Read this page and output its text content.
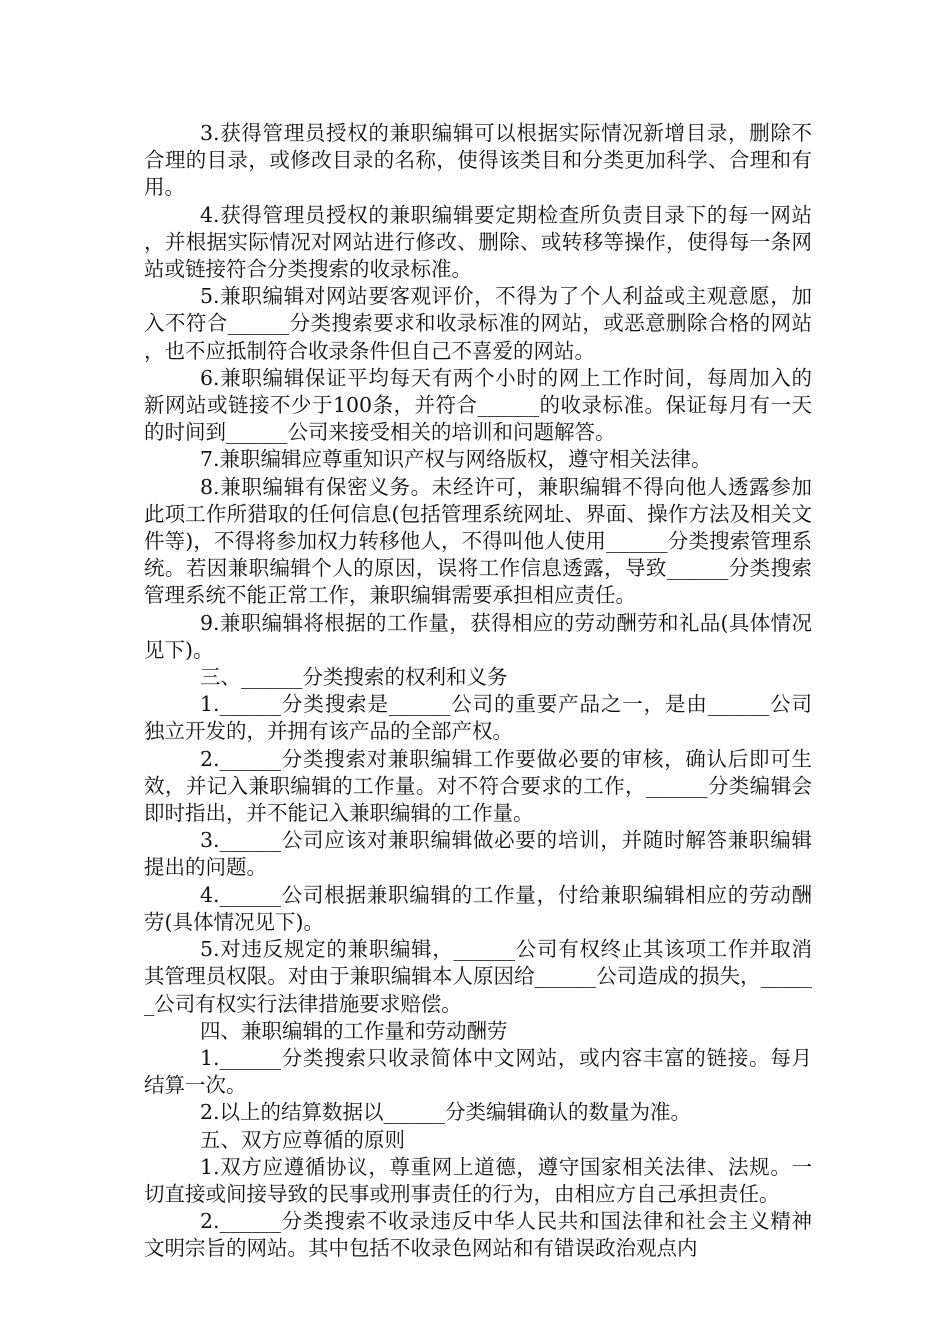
3.获得管理员授权的兼职编辑可以根据实际情况新增目录，删除不合理的目录，或修改目录的名称，使得该类目和分类更加科学、合理和有用。

4.获得管理员授权的兼职编辑要定期检查所负责目录下的每一网站，并根据实际情况对网站进行修改、删除、或转移等操作，使得每一条网站或链接符合分类搜索的收录标准。

5.兼职编辑对网站要客观评价，不得为了个人利益或主观意愿，加入不符合______分类搜索要求和收录标准的网站，或恶意删除合格的网站，也不应抵制符合收录条件但自己不喜爱的网站。

6.兼职编辑保证平均每天有两个小时的网上工作时间，每周加入的新网站或链接不少于100条，并符合______的收录标准。保证每月有一天的时间到______公司来接受相关的培训和问题解答。

7.兼职编辑应尊重知识产权与网络版权，遵守相关法律。

8.兼职编辑有保密义务。未经许可，兼职编辑不得向他人透露参加此项工作所猎取的任何信息(包括管理系统网址、界面、操作方法及相关文件等)，不得将参加权力转移他人，不得叫他人使用______分类搜索管理系统。若因兼职编辑个人的原因，误将工作信息透露，导致______分类搜索管理系统不能正常工作，兼职编辑需要承担相应责任。

9.兼职编辑将根据的工作量，获得相应的劳动酬劳和礼品(具体情况见下)。

三、______分类搜索的权利和义务

1.______分类搜索是______公司的重要产品之一，是由______公司独立开发的，并拥有该产品的全部产权。

2.______分类搜索对兼职编辑工作要做必要的审核，确认后即可生效，并记入兼职编辑的工作量。对不符合要求的工作，______分类编辑会即时指出，并不能记入兼职编辑的工作量。

3.______公司应该对兼职编辑做必要的培训，并随时解答兼职编辑提出的问题。

4.______公司根据兼职编辑的工作量，付给兼职编辑相应的劳动酬劳(具体情况见下)。

5.对违反规定的兼职编辑，______公司有权终止其该项工作并取消其管理员权限。对由于兼职编辑本人原因给______公司造成的损失，______公司有权实行法律措施要求赔偿。

四、兼职编辑的工作量和劳动酬劳

1.______分类搜索只收录简体中文网站，或内容丰富的链接。每月结算一次。

2.以上的结算数据以______分类编辑确认的数量为准。

五、双方应尊循的原则

1.双方应遵循协议，尊重网上道德，遵守国家相关法律、法规。一切直接或间接导致的民事或刑事责任的行为，由相应方自己承担责任。

2.______分类搜索不收录违反中华人民共和国法律和社会主义精神文明宗旨的网站。其中包括不收录色网站和有错误政治观点内
